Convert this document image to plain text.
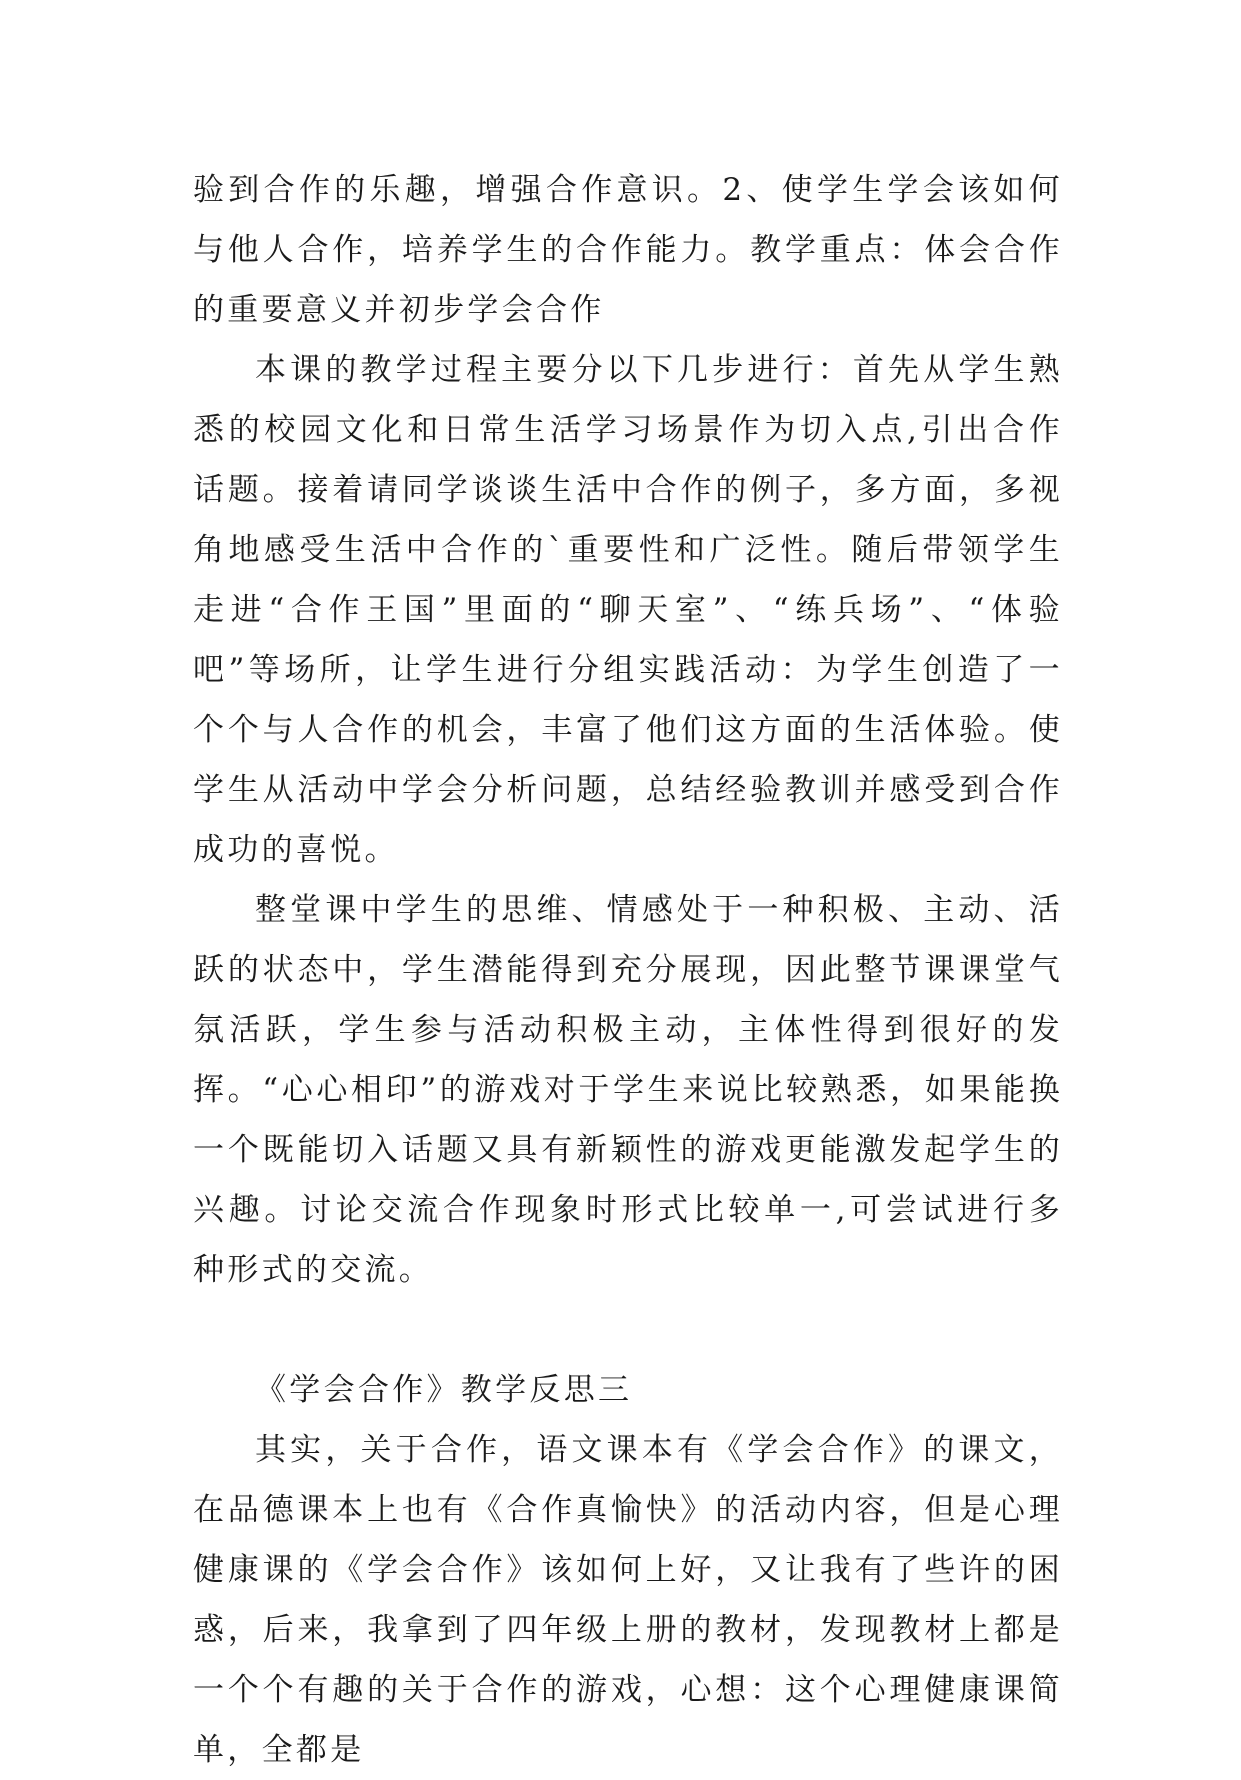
验到合作的乐趣，增强合作意识。2、使学生学会该如何与他人合作，培养学生的合作能力。教学重点：体会合作的重要意义并初步学会合作

本课的教学过程主要分以下几步进行：首先从学生熟悉的校园文化和日常生活学习场景作为切入点,引出合作话题。接着请同学谈谈生活中合作的例子，多方面，多视角地感受生活中合作的`重要性和广泛性。随后带领学生走进“合作王国”里面的“聊天室”、“练兵场”、“体验吧”等场所，让学生进行分组实践活动：为学生创造了一个个与人合作的机会，丰富了他们这方面的生活体验。使学生从活动中学会分析问题，总结经验教训并感受到合作成功的喜悦。

整堂课中学生的思维、情感处于一种积极、主动、活跃的状态中，学生潜能得到充分展现，因此整节课课堂气氛活跃，学生参与活动积极主动，主体性得到很好的发挥。“心心相印”的游戏对于学生来说比较熟悉，如果能换一个既能切入话题又具有新颖性的游戏更能激发起学生的兴趣。讨论交流合作现象时形式比较单一,可尝试进行多种形式的交流。

《学会合作》教学反思三

其实，关于合作，语文课本有《学会合作》的课文，在品德课本上也有《合作真愉快》的活动内容，但是心理健康课的《学会合作》该如何上好，又让我有了些许的困惑，后来，我拿到了四年级上册的教材，发现教材上都是一个个有趣的关于合作的游戏，心想：这个心理健康课简单，全都是
